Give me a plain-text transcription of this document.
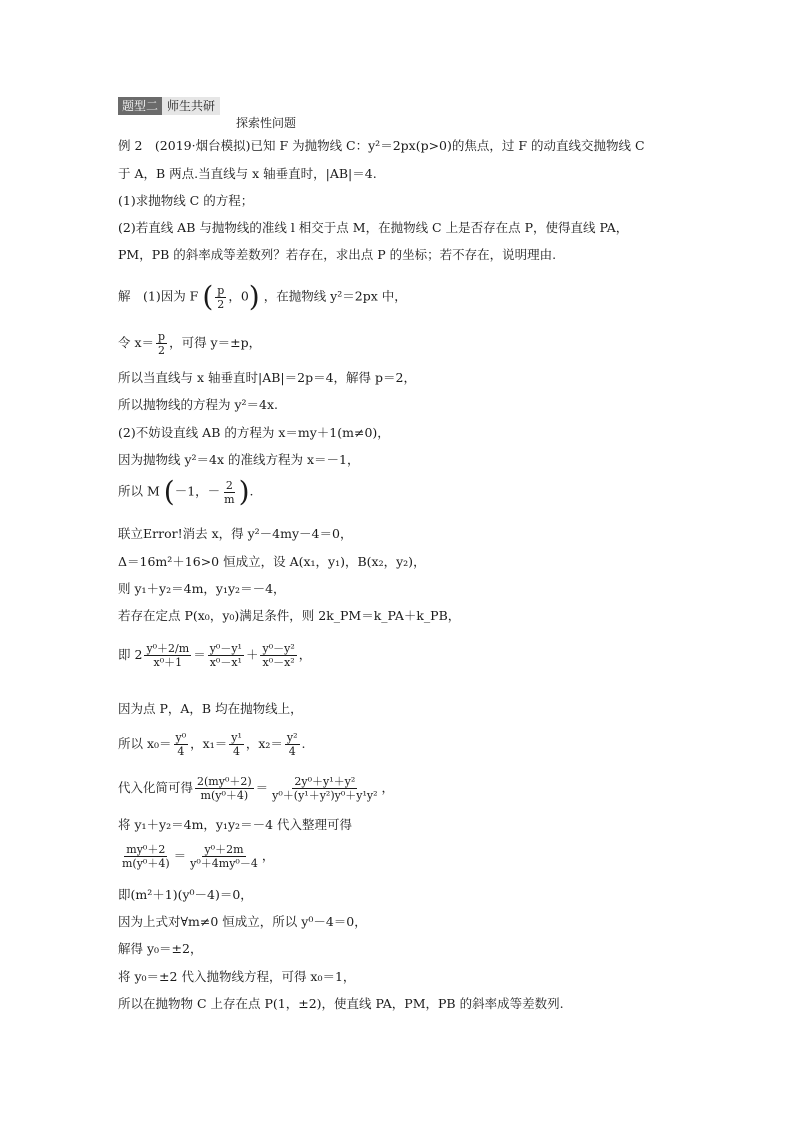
题型二 师生共研
探索性问题
例 2　(2019·烟台模拟)已知 F 为抛物线 C：y²＝2px(p>0)的焦点，过 F 的动直线交抛物线 C
于 A，B 两点.当直线与 x 轴垂直时，|AB|＝4.
(1)求抛物线 C 的方程；
(2)若直线 AB 与抛物线的准线 l 相交于点 M，在抛物线 C 上是否存在点 P，使得直线 PA，
PM，PB 的斜率成等差数列？若存在，求出点 P 的坐标；若不存在，说明理由.
解　(1)因为 F ( $\frac{p}{2}$ ，0) ，在抛物线 y²＝2px 中，
令 $x= \frac{p}{2}$ ，可得 y＝±p，
所以当直线与 x 轴垂直时|AB|＝2p＝4，解得 p＝2，
所以抛物线的方程为 y²＝4x.
(2)不妨设直线 AB 的方程为 x＝my＋1(m≠0)，
因为抛物线 y²＝4x 的准线方程为 x＝－1，
所以 M (－1，－ $\frac{2}{m}$ ).
联立Error!消去 x，得 y²－4my－4＝0，
Δ＝16m²＋16>0 恒成立，设 A(x₁，y₁)，B(x₂，y₂)，
则 y₁＋y₂＝4m，y₁y₂＝－4，
若存在定点 P(x₀，y₀)满足条件，则 2k_PM＝k_PA＋k_PB，
即 $2 \frac{\text{y⁰＋2/m}}{\text{x⁰＋1}} = \frac{\text{y⁰－y¹}}{\text{x⁰－x¹}} + \frac{\text{y⁰－y²}}{\text{x⁰－x²}}$ ，
因为点 P，A，B 均在抛物线上，
所以 $x_0= \frac{\text{y⁰}}{4}$ ，$x_1= \frac{\text{y¹}}{4}$ ，$x_2= \frac{\text{y²}}{4}$ .
代入化简可得 $\frac{\text{2(my⁰＋2)}}{\text{m(y⁰＋4)}} = \frac{\text{2y⁰＋y¹＋y²}}{\text{y⁰＋(y¹＋y²)y⁰＋y¹y²}}$ ，
将 y₁＋y₂＝4m，y₁y₂＝－4 代入整理可得
$\frac{\text{my⁰＋2}}{\text{m(y⁰＋4)}} = \frac{\text{y⁰＋2m}}{\text{y⁰＋4my⁰－4}}$ ，
即(m²＋1)(y⁰－4)＝0，
因为上式对∀m≠0 恒成立，所以 y⁰－4＝0，
解得 y₀＝±2，
将 y₀＝±2 代入抛物线方程，可得 x₀＝1，
所以在抛物物 C 上存在点 P(1，±2)，使直线 PA，PM，PB 的斜率成等差数列.
